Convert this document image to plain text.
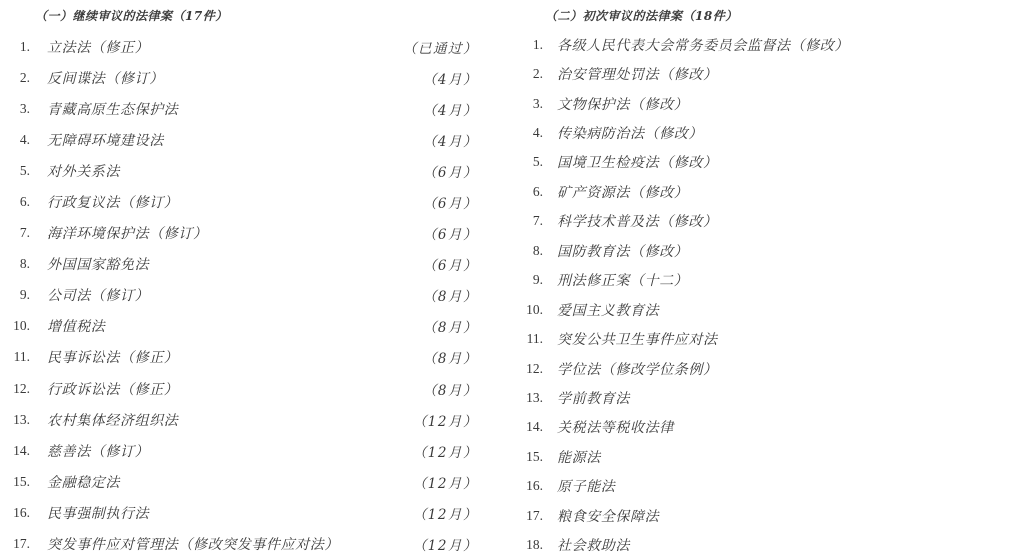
（一）继续审议的法律案（17件）
1. 立法法（修正）	（已通过）
2. 反间谍法（修订）	（4月）
3. 青藏高原生态保护法	（4月）
4. 无障碍环境建设法	（4月）
5. 对外关系法	（6月）
6. 行政复议法（修订）	（6月）
7. 海洋环境保护法（修订）	（6月）
8. 外国国家豁免法	（6月）
9. 公司法（修订）	（8月）
10. 增值税法	（8月）
11. 民事诉讼法（修正）	（8月）
12. 行政诉讼法（修正）	（8月）
13. 农村集体经济组织法	（12月）
14. 慈善法（修订）	（12月）
15. 金融稳定法	（12月）
16. 民事强制执行法	（12月）
17. 突发事件应对管理法（修改突发事件应对法）	（12月）
（二）初次审议的法律案（18件）
1. 各级人民代表大会常务委员会监督法（修改）
2. 治安管理处罚法（修改）
3. 文物保护法（修改）
4. 传染病防治法（修改）
5. 国境卫生检疫法（修改）
6. 矿产资源法（修改）
7. 科学技术普及法（修改）
8. 国防教育法（修改）
9. 刑法修正案（十二）
10. 爱国主义教育法
11. 突发公共卫生事件应对法
12. 学位法（修改学位条例）
13. 学前教育法
14. 关税法等税收法律
15. 能源法
16. 原子能法
17. 粮食安全保障法
18. 社会救助法
